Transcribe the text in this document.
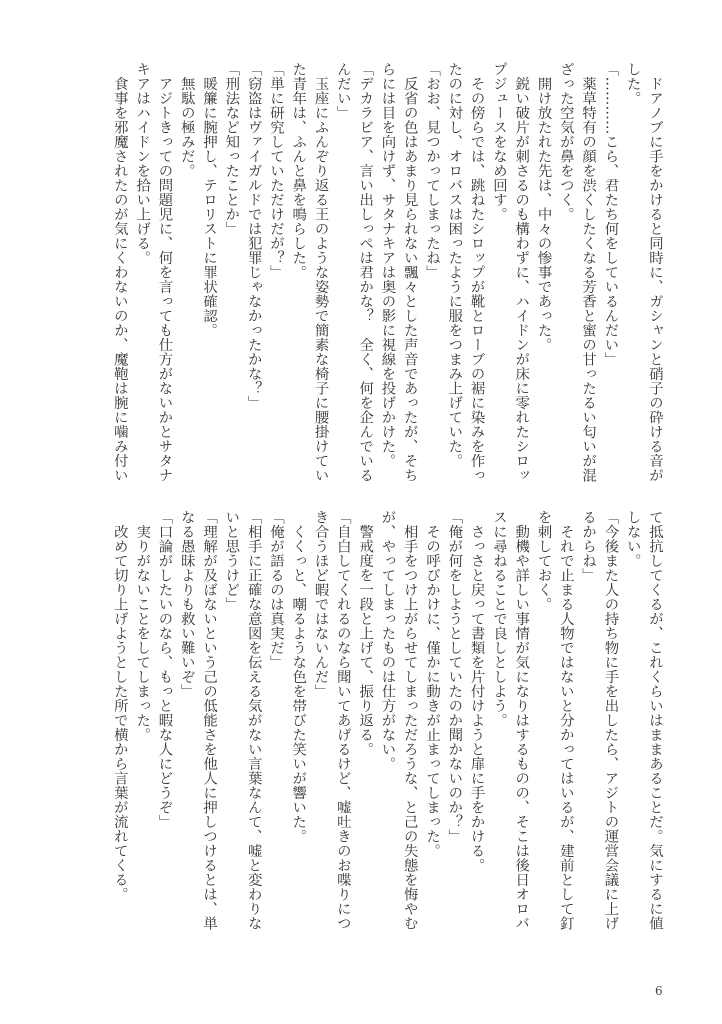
　ドアノブに手をかけると同時に、ガシャンと硝子の砕ける音が
した。
「…………こら、君たち何をしているんだい」
　薬草特有の顔を渋くしたくなる芳香と蜜の甘ったるい匂いが混
ざった空気が鼻をつく。
　開け放たれた先は、中々の惨事であった。
　鋭い破片が刺さるのも構わずに、ハイドンが床に零れたシロッ
プジュースをなめ回す。
　その傍らでは、跳ねたシロップが靴とローブの裾に染みを作っ
たのに対し、オロバスは困ったように服をつまみ上げていた。
「おお、見つかってしまったね」
　反省の色はあまり見られない飄々とした声音であったが、そち
らには目を向けず、サタナキアは奥の影に視線を投げかけた。
「デカラビア、言い出しっぺは君かな？　全く、何を企んでいる
んだい」
　玉座にふんぞり返る王のような姿勢で簡素な椅子に腰掛けてい
た青年は、ふんと鼻を鳴らした。
「単に研究していただけだが？」
「窃盗はヴァイガルドでは犯罪じゃなかったかな？」
「刑法など知ったことか」
　暖簾に腕押し、テロリストに罪状確認。
　無駄の極みだ。
　アジトきっての問題児に、何を言っても仕方がないかとサタナ
キアはハイドンを拾い上げる。
　食事を邪魔されたのが気にくわないのか、魔鞄は腕に噛み付い
て抵抗してくるが、これくらいはままあることだ。気にするに値
しない。
「今後また人の持ち物に手を出したら、アジトの運営会議に上げ
るからね」
　それで止まる人物ではないと分かってはいるが、建前として釘
を刺しておく。
　動機や詳しい事情が気になりはするものの、そこは後日オロバ
スに尋ねることで良しとしよう。
　さっさと戻って書類を片付けようと扉に手をかける。
「俺が何をしようとしていたのか聞かないのか？」
　その呼びかけに、僅かに動きが止まってしまった。
　相手をつけ上がらせてしまっただろうな、と己の失態を悔やむ
が、やってしまったものは仕方がない。
　警戒度を一段と上げて、振り返る。
「自白してくれるのなら聞いてあげるけど、嘘吐きのお喋りにつ
き合うほど暇ではないんだ」
　くくっと、嘲るような色を帯びた笑いが響いた。
「俺が語るのは真実だ」
「相手に正確な意図を伝える気がない言葉なんて、嘘と変わりな
いと思うけど」
「理解が及ばないという己の低能さを他人に押しつけるとは、単
なる愚昧よりも救い難いぞ」
「口論がしたいのなら、もっと暇な人にどうぞ」
　実りがないことをしてしまった。
　改めて切り上げようとした所で横から言葉が流れてくる。
6
